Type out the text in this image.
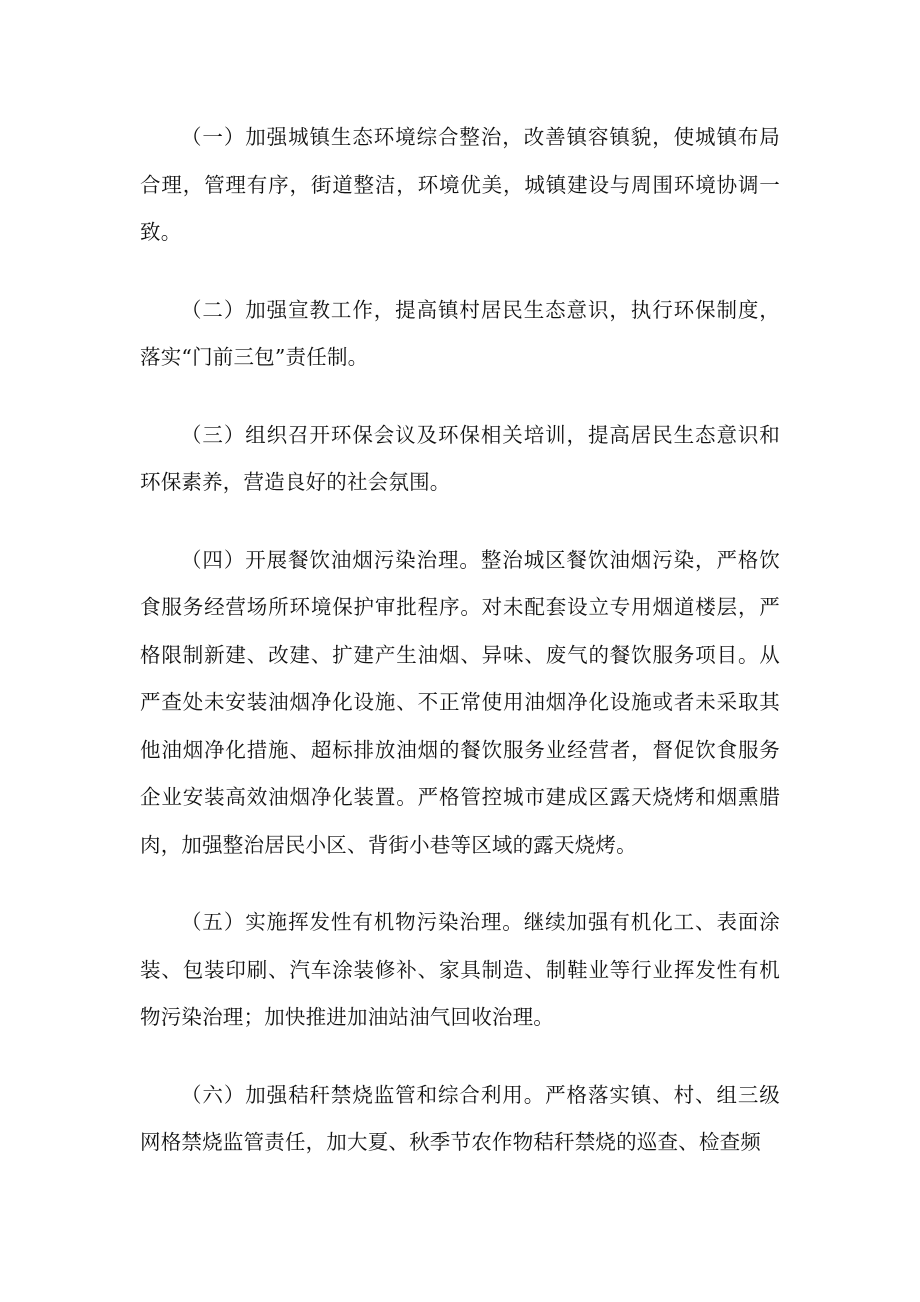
（一）加强城镇生态环境综合整治，改善镇容镇貌，使城镇布局合理，管理有序，街道整洁，环境优美，城镇建设与周围环境协调一致。

（二）加强宣教工作，提高镇村居民生态意识，执行环保制度，落实“门前三包”责任制。

（三）组织召开环保会议及环保相关培训，提高居民生态意识和环保素养，营造良好的社会氛围。

（四）开展餐饮油烟污染治理。整治城区餐饮油烟污染，严格饮食服务经营场所环境保护审批程序。对未配套设立专用烟道楼层，严格限制新建、改建、扩建产生油烟、异味、废气的餐饮服务项目。从严查处未安装油烟净化设施、不正常使用油烟净化设施或者未采取其他油烟净化措施、超标排放油烟的餐饮服务业经营者，督促饮食服务企业安装高效油烟净化装置。严格管控城市建成区露天烧烤和烟熏腊肉，加强整治居民小区、背街小巷等区域的露天烧烤。

（五）实施挥发性有机物污染治理。继续加强有机化工、表面涂装、包装印刷、汽车涂装修补、家具制造、制鞋业等行业挥发性有机物污染治理；加快推进加油站油气回收治理。

（六）加强秸秆禁烧监管和综合利用。严格落实镇、村、组三级网格禁烧监管责任，加大夏、秋季节农作物秸秆禁烧的巡查、检查频
